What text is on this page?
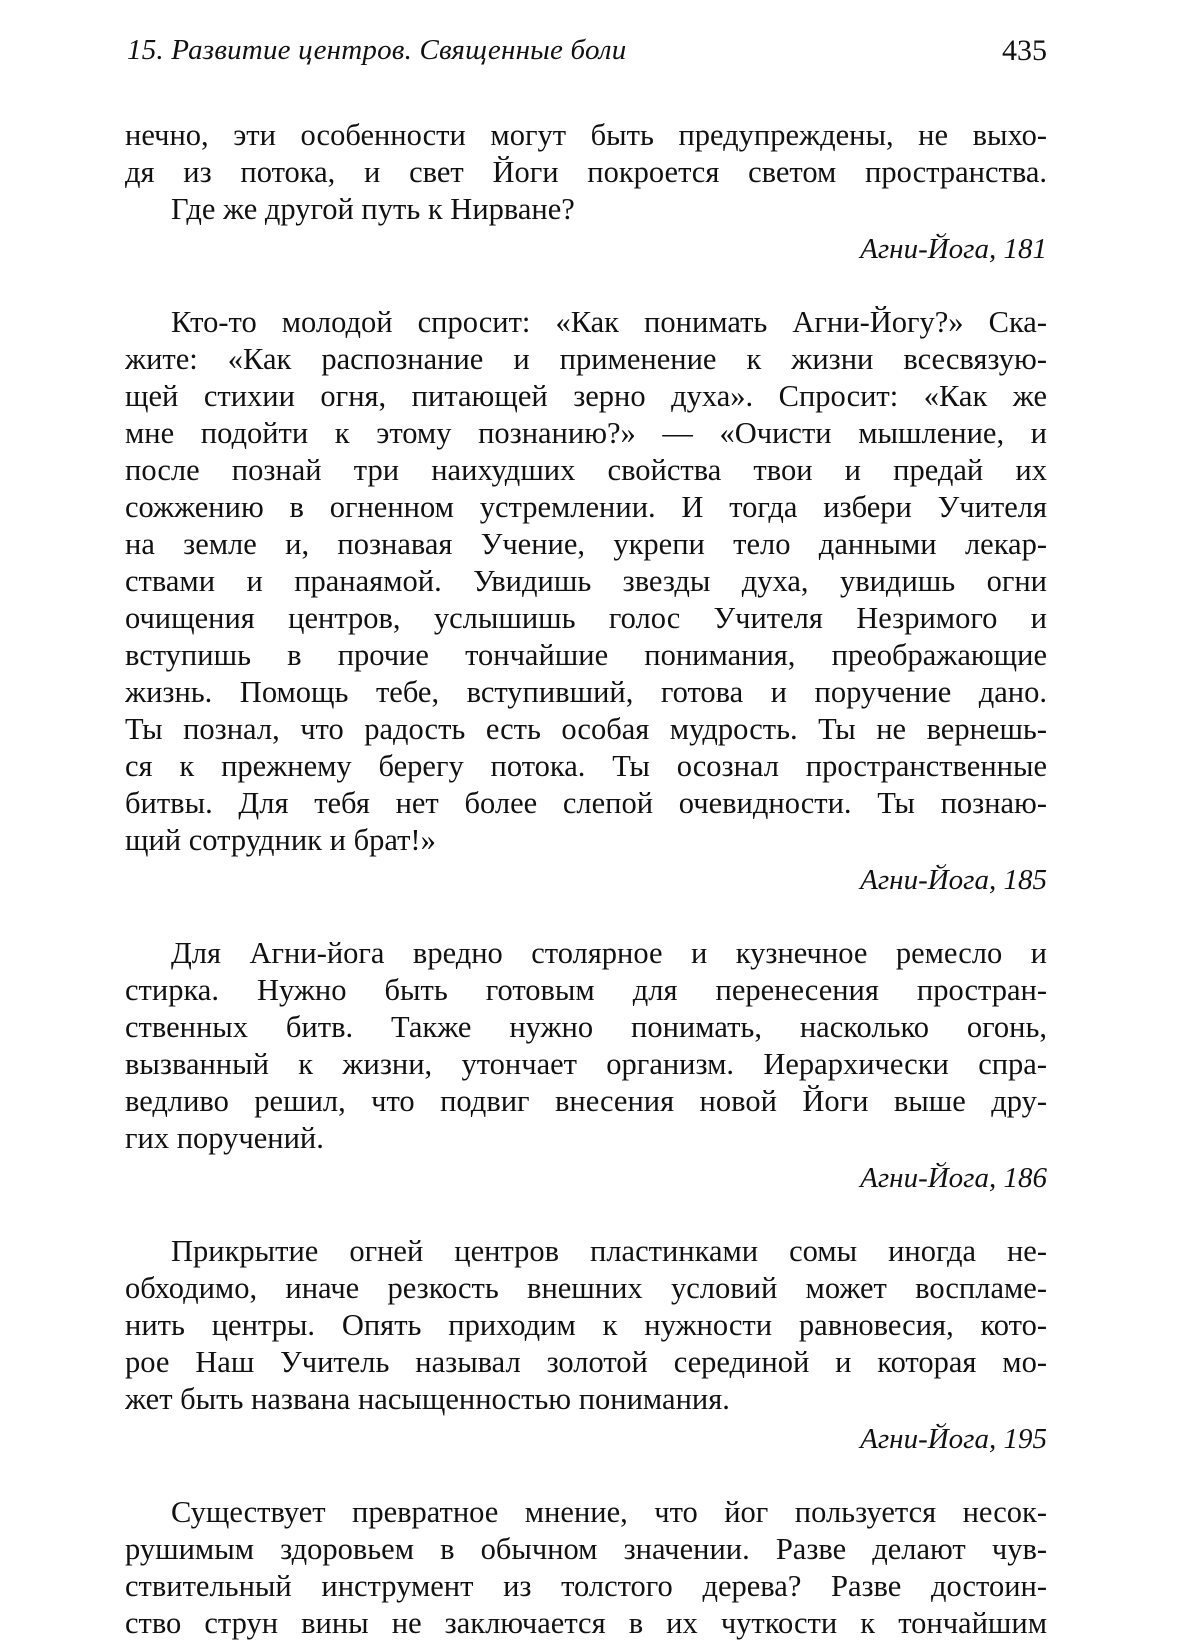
15. Развитие центров. Священные боли	435
нечно, эти особенности могут быть предупреждены, не выхо-
дя из потока, и свет Йоги покроется светом пространства.
Где же другой путь к Нирване?
Агни-Йога, 181
Кто-то молодой спросит: «Как понимать Агни-Йогу?» Ска-
жите: «Как распознание и применение к жизни всесвязую-
щей стихии огня, питающей зерно духа». Спросит: «Как же
мне подойти к этому познанию?» — «Очисти мышление, и
после познай три наихудших свойства твои и предай их
сожжению в огненном устремлении. И тогда избери Учителя
на земле и, познавая Учение, укрепи тело данными лекар-
ствами и пранаямой. Увидишь звезды духа, увидишь огни
очищения центров, услышишь голос Учителя Незримого и
вступишь в прочие тончайшие понимания, преображающие
жизнь. Помощь тебе, вступивший, готова и поручение дано.
Ты познал, что радость есть особая мудрость. Ты не вернешь-
ся к прежнему берегу потока. Ты осознал пространственные
битвы. Для тебя нет более слепой очевидности. Ты познаю-
щий сотрудник и брат!»
Агни-Йога, 185
Для Агни-йога вредно столярное и кузнечное ремесло и
стирка. Нужно быть готовым для перенесения простран-
ственных битв. Также нужно понимать, насколько огонь,
вызванный к жизни, утончает организм. Иерархически спра-
ведливо решил, что подвиг внесения новой Йоги выше дру-
гих поручений.
Агни-Йога, 186
Прикрытие огней центров пластинками сомы иногда не-
обходимо, иначе резкость внешних условий может воспламе-
нить центры. Опять приходим к нужности равновесия, кото-
рое Наш Учитель называл золотой серединой и которая мо-
жет быть названа насыщенностью понимания.
Агни-Йога, 195
Существует превратное мнение, что йог пользуется несок-
рушимым здоровьем в обычном значении. Разве делают чув-
ствительный инструмент из толстого дерева? Разве достоин-
ство струн вины не заключается в их чуткости к тончайшим
